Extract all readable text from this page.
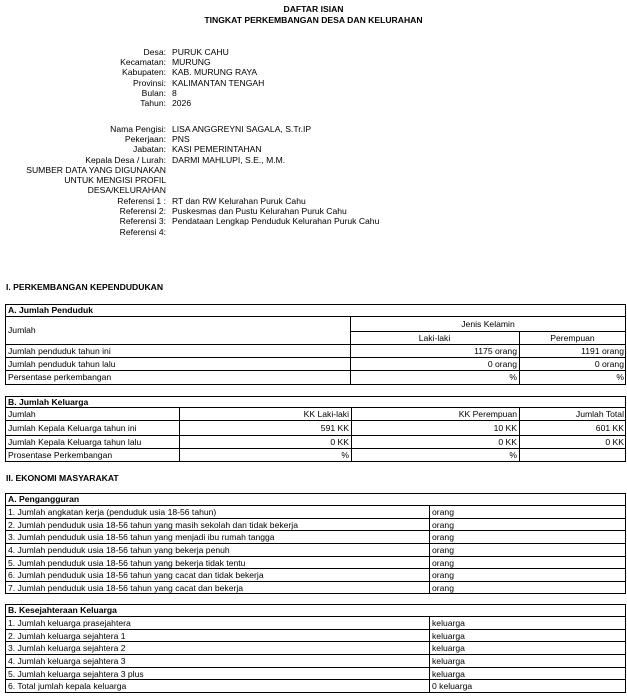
DAFTAR ISIAN
TINGKAT PERKEMBANGAN DESA DAN KELURAHAN
Desa: PURUK CAHU
Kecamatan: MURUNG
Kabupaten: KAB. MURUNG RAYA
Provinsi: KALIMANTAN TENGAH
Bulan: 8
Tahun: 2026
Nama Pengisi: LISA ANGGREYNI SAGALA, S.Tr.IP
Pekerjaan: PNS
Jabatan: KASI PEMERINTAHAN
Kepala Desa / Lurah: DARMI MAHLUPI, S.E., M.M.
SUMBER DATA YANG DIGUNAKAN
UNTUK MENGISI PROFIL
DESA/KELURAHAN
Referensi 1 : RT dan RW Kelurahan Puruk Cahu
Referensi 2: Puskesmas dan Pustu Kelurahan Puruk Cahu
Referensi 3: Pendataan Lengkap Penduduk Kelurahan Puruk Cahu
Referensi 4:
I. PERKEMBANGAN KEPENDUDUKAN
A. Jumlah Penduduk
Jumlah
Jenis Kelamin
Laki-laki	Perempuan
Jumlah penduduk tahun ini	1175 orang	1191 orang
Jumlah penduduk tahun lalu	0 orang	0 orang
Persentase perkembangan	%	%
B. Jumlah Keluarga
Jumlah	KK Laki-laki	KK Perempuan	Jumlah Total
Jumlah Kepala Keluarga tahun ini	591 KK	10 KK	601 KK
Jumlah Kepala Keluarga tahun lalu	0 KK	0 KK	0 KK
Prosentase Perkembangan	%	%
II. EKONOMI MASYARAKAT
A. Pengangguran
1. Jumlah angkatan kerja (penduduk usia 18-56 tahun)	orang
2. Jumlah penduduk usia 18-56 tahun yang masih sekolah dan tidak bekerja	orang
3. Jumlah penduduk usia 18-56 tahun yang menjadi ibu rumah tangga	orang
4. Jumlah penduduk usia 18-56 tahun yang bekerja penuh	orang
5. Jumlah penduduk usia 18-56 tahun yang bekerja tidak tentu	orang
6. Jumlah penduduk usia 18-56 tahun yang cacat dan tidak bekerja	orang
7. Jumlah penduduk usia 18-56 tahun yang cacat dan bekerja	orang
B. Kesejahteraan Keluarga
1. Jumlah keluarga prasejahtera	keluarga
2. Jumlah keluarga sejahtera 1	keluarga
3. Jumlah keluarga sejahtera 2	keluarga
4. Jumlah keluarga sejahtera 3	keluarga
5. Jumlah keluarga sejahtera 3 plus	keluarga
6. Total jumlah kepala keluarga	0 keluarga
